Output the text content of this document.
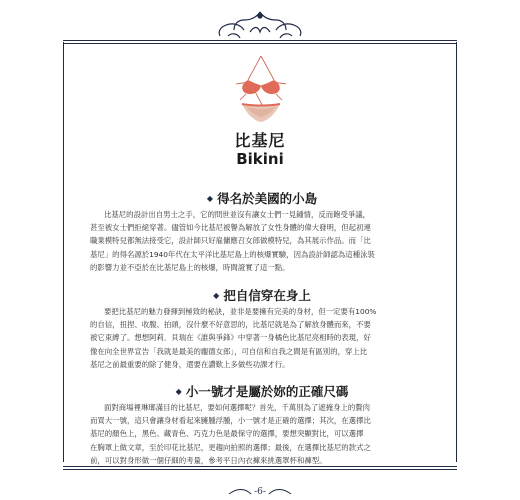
比基尼
Bikini
◆ 得名於美國的小島
比基尼的設計出自男士之手，它的問世並沒有讓女士們一見鍾情，反而飽受爭議，
甚至被女士們拒絕穿著。儘管如今比基尼被譽為解放了女性身體的偉大發明，但起初連
職業模特兒都無法接受它，設計師只好雇傭應召女郎做模特兒，為其展示作品。而「比
基尼」的得名源於1940年代在太平洋比基尼島上的核爆實驗，因為設計師認為這種泳裝
的影響力並不亞於在比基尼島上的核爆，時間證實了這一點。
◆ 把自信穿在身上
要把比基尼的魅力發揮到極致的秘訣，並非是要擁有完美的身材，但一定要有100%
的自信，扭捏、收腹、拍頭，沒什麼不好意思的，比基尼就是為了解放身體而來，不要
被它束縛了。想想阿莉．貝瑞在《誰與爭鋒》中穿著一身橘色比基尼亮相時的表現，好
像在向全世界宣告「我就是最美的龐德女郎」，可自信和自我之間是有區別的，穿上比
基尼之前最重要的除了健身，還要在讚歎上多做些功課才行。
◆ 小一號才是屬於妳的正確尺碼
面對商場裡琳瑯滿目的比基尼，要如何選擇呢？首先，千萬別為了遮掩身上的贅肉
而買大一號，這只會讓身材看起來臃腫浮腫，小一號才是正確的選擇；其次，在選擇比
基尼的顏色上，黑色、藏青色、巧克力色是最保守的選擇，要想突顯對比，可以選擇
在胸罩上做文章，至於印花比基尼，更趨向拍照的選擇；最後，在選擇比基尼的款式之
前，可以對身形做一個仔細的考量，參考平日內衣褲來挑選罩杯和褲型。
-6-
